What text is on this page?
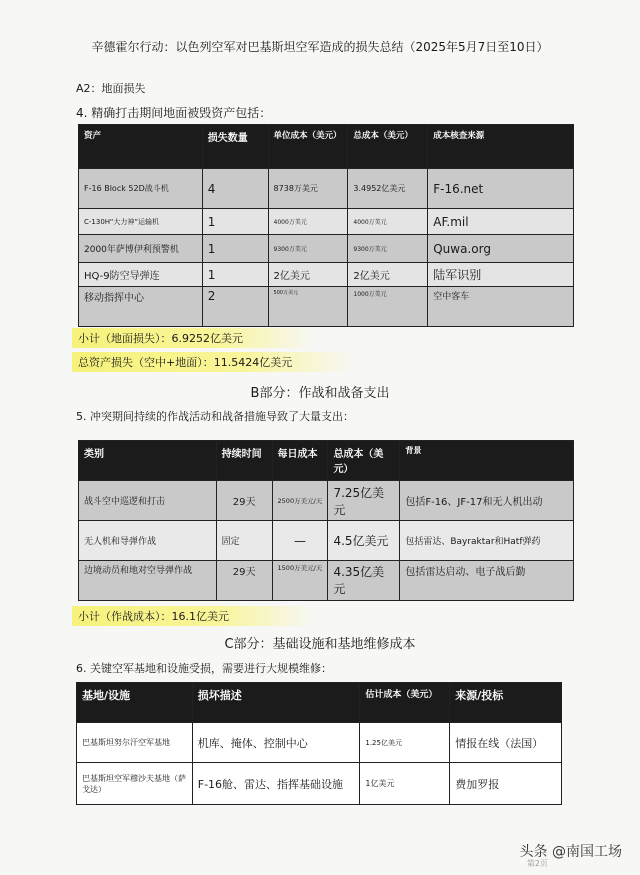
辛德霍尔行动：以色列空军对巴基斯坦空军造成的损失总结（2025年5月7日至10日）
A2：地面损失
4. 精确打击期间地面被毁资产包括：
资产	损失数量	单位成本（美元）	总成本（美元）	成本核查来源
F-16 Block 52D战斗机	4	8738万美元	3.4952亿美元	F-16.net
C-130H“大力神”运输机	1	4000万美元	4000万美元	AF.mil
2000年萨博伊利预警机	1	9300万美元	9300万美元	Quwa.org
HQ-9防空导弹连	1	2亿美元	2亿美元	陆军识别
移动指挥中心	2	500万美元	1000万美元	空中客车
小计（地面损失）：6.9252亿美元
总资产损失（空中+地面）：11.5424亿美元
B部分：作战和战备支出
5. 冲突期间持续的作战活动和战备措施导致了大量支出：
类别	持续时间	每日成本	总成本（美元）	背景
战斗空中巡逻和打击	29天	2500万美元/天	7.25亿美元	包括F-16、JF-17和无人机出动
无人机和导弹作战	固定	—	4.5亿美元	包括雷达、Bayraktar和Hatf弹药
边境动员和地对空导弹作战	29天	1500万美元/天	4.35亿美元	包括雷达启动、电子战后勤
小计（作战成本）：16.1亿美元
C部分：基础设施和基地维修成本
6. 关键空军基地和设施受损，需要进行大规模维修：
基地/设施	损坏描述	估计成本（美元）	来源/投标
巴基斯坦努尔汗空军基地	机库、掩体、控制中心	1.25亿美元	情报在线（法国）
巴基斯坦空军穆沙夫基地（萨戈达）	F-16舱、雷达、指挥基础设施	1亿美元	费加罗报
第2页
头条 @南国工场
